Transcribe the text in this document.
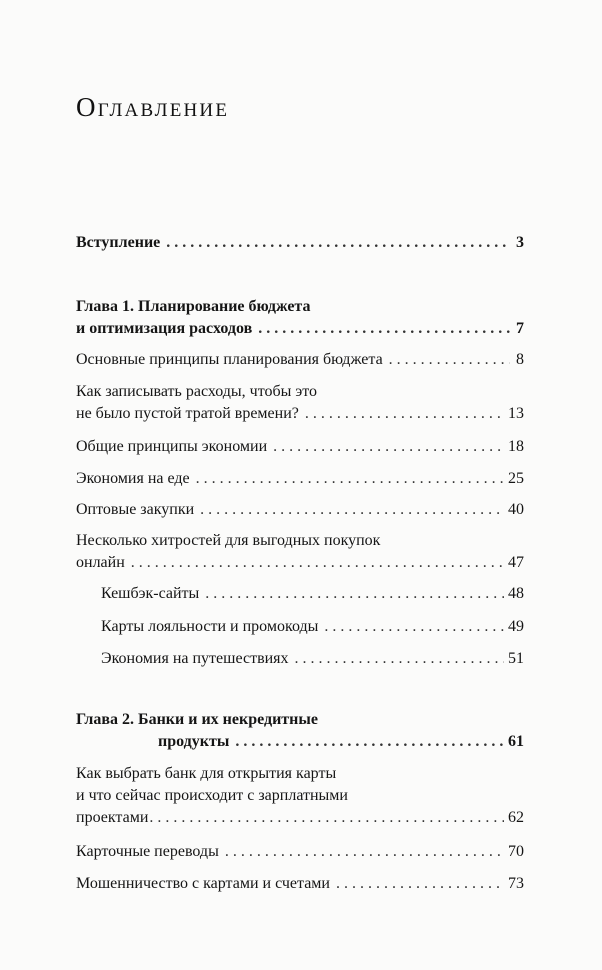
Оглавление
Вступление . . .	3
Глава 1. Планирование бюджета
и оптимизация расходов . . .	7
Основные принципы планирования бюджета . . .	8
Как записывать расходы, чтобы это
не было пустой тратой времени? . . .	13
Общие принципы экономии . . .	18
Экономия на еде . . .	25
Оптовые закупки . . .	40
Несколько хитростей для выгодных покупок
онлайн . . .	47
Кешбэк-сайты . . .	48
Карты лояльности и промокоды . . .	49
Экономия на путешествиях . . .	51
Глава 2. Банки и их некредитные
продукты . . .	61
Как выбрать банк для открытия карты
и что сейчас происходит с зарплатными
проектами . . .	62
Карточные переводы . . .	70
Мошенничество с картами и счетами . . .	73
